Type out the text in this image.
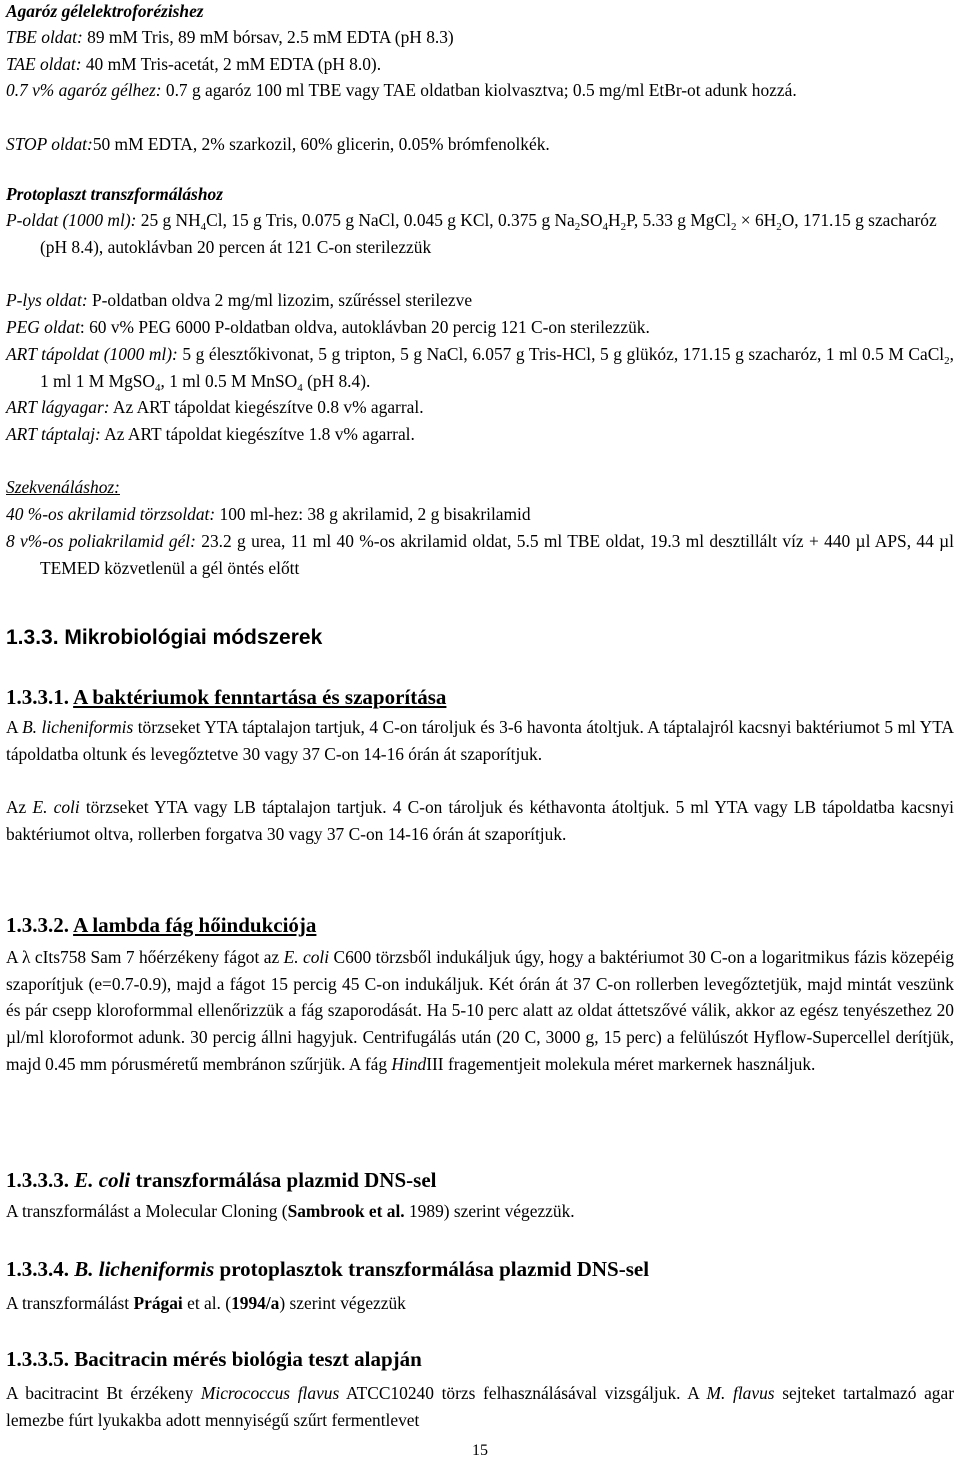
Agaróz gélelektroforézishez
TBE oldat: 89 mM Tris, 89 mM bórsav, 2.5 mM EDTA (pH 8.3)
TAE oldat: 40 mM Tris-acetát, 2 mM EDTA (pH 8.0).
0.7 v% agaróz gélhez: 0.7 g agaróz 100 ml TBE vagy TAE oldatban kiolvasztva; 0.5 mg/ml EtBr-ot adunk hozzá.
STOP oldat:50 mM EDTA, 2% szarkozil, 60% glicerin, 0.05% brómfenolkék.
Protoplaszt transzformáláshoz
P-oldat (1000 ml): 25 g $NH_4Cl$, 15 g Tris, 0.075 g NaCl, 0.045 g KCl, 0.375 g $Na_2SO_4H_2P$, 5.33 g MgCl$_2$ × $6H_2O$, 171.15 g szacharóz (pH 8.4), autoklávban 20 percen át 121 C-on sterilezzük
P-lys oldat: P-oldatban oldva 2 mg/ml lizozim, szűréssel sterilezve
PEG oldat: 60 v% PEG 6000 P-oldatban oldva, autoklávban 20 percig 121 C-on sterilezzük.
ART tápoldat (1000 ml): 5 g élesztőkivonat, 5 g tripton, 5 g NaCl, 6.057 g Tris-HCl, 5 g glükóz, 171.15 g szacharóz, 1 ml 0.5 M CaCl$_2$, 1 ml 1 M MgSO$_4$, 1 ml 0.5 M MnSO$_4$ (pH 8.4).
ART lágyagar: Az ART tápoldat kiegészítve 0.8 v% agarral.
ART táptalaj: Az ART tápoldat kiegészítve 1.8 v% agarral.
Szekvenáláshoz:
40 %-os akrilamid törzsoldat: 100 ml-hez: 38 g akrilamid, 2 g bisakrilamid
8 v%-os poliakrilamid gél: 23.2 g urea, 11 ml 40 %-os akrilamid oldat, 5.5 ml TBE oldat, 19.3 ml desztillált víz + 440 µl APS, 44 µl TEMED közvetlenül a gél öntés előtt
1.3.3. Mikrobiológiai módszerek
1.3.3.1. A baktériumok fenntartása és szaporítása
A B. licheniformis törzseket YTA táptalajon tartjuk, 4 C-on tároljuk és 3-6 havonta átoltjuk. A táptalajról kacsnyi baktériumot 5 ml YTA tápoldatba oltunk és levegőztetve 30 vagy 37 C-on 14-16 órán át szaporítjuk.
Az E. coli törzseket YTA vagy LB táptalajon tartjuk. 4 C-on tároljuk és kéthavonta átoltjuk. 5 ml YTA vagy LB tápoldatba kacsnyi baktériumot oltva, rollerben forgatva 30 vagy 37 C-on 14-16 órán át szaporítjuk.
1.3.3.2. A lambda fág hőindukciója
A λ cIts758 Sam 7 hőérzékeny fágot az E. coli C600 törzsből indukáljuk úgy, hogy a baktériumot 30 C-on a logaritmikus fázis közepéig szaporítjuk (e=0.7-0.9), majd a fágot 15 percig 45 C-on indukáljuk. Két órán át 37 C-on rollerben levegőztetjük, majd mintát veszünk és pár csepp kloroformmal ellenőrizzük a fág szaporodását. Ha 5-10 perc alatt az oldat áttetszővé válik, akkor az egész tenyészethez 20 µl/ml kloroformot adunk. 30 percig állni hagyjuk. Centrifugálás után (20 C, 3000 g, 15 perc) a felülúszót Hyflow-Supercellel derítjük, majd 0.45 mm pórusméretű membránon szűrjük. A fág HindIII fragementjeit molekula méret markernek használjuk.
1.3.3.3. E. coli transzformálása plazmid DNS-sel
A transzformálást a Molecular Cloning (Sambrook et al. 1989) szerint végezzük.
1.3.3.4. B. licheniformis protoplasztok transzformálása plazmid DNS-sel
A transzformálást Prágai et al. (1994/a) szerint végezzük
1.3.3.5. Bacitracin mérés biológia teszt alapján
A bacitracint Bt érzékeny Micrococcus flavus ATCC10240 törzs felhasználásával vizsgáljuk. A M. flavus sejteket tartalmazó agar lemezbe fúrt lyukakba adott mennyiségű szűrt fermentlevet
15
